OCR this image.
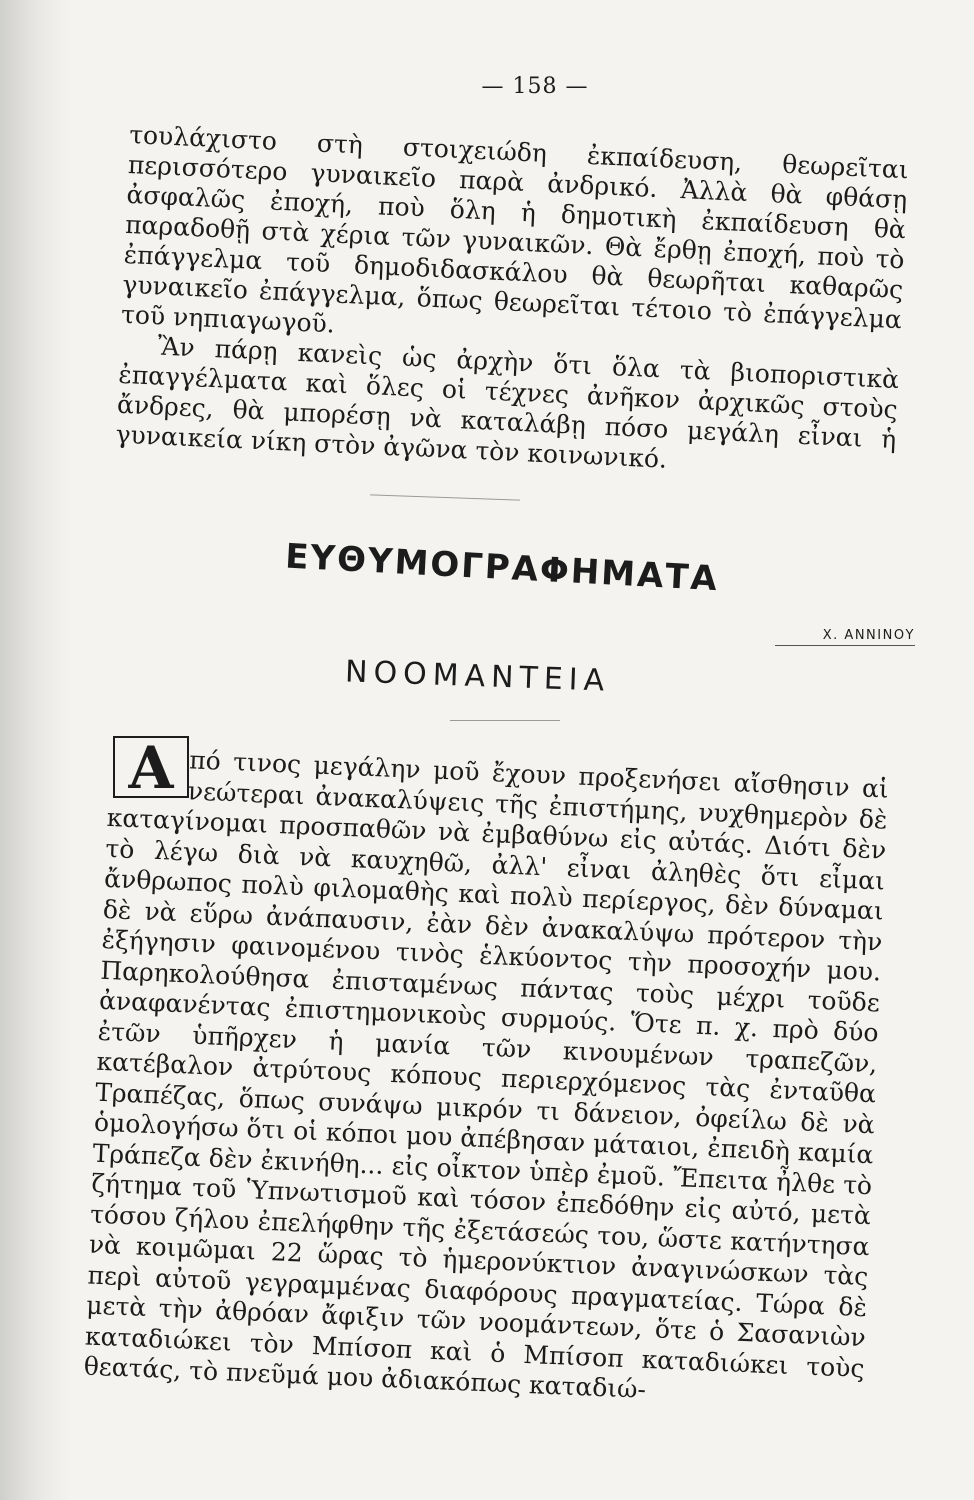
— 158 —

τουλάχιστο στὴ στοιχειώδη ἐκπαίδευση, θεωρεῖται περισσότερο γυναικεῖο παρὰ ἀνδρικό. Ἀλλὰ θὰ φθάσῃ ἀσφαλῶς ἐποχή, ποὺ ὅλη ἡ δημοτικὴ ἐκπαίδευση θὰ παραδοθῇ στὰ χέρια τῶν γυναικῶν. Θὰ ἔρθῃ ἐποχή, ποὺ τὸ ἐπάγγελμα τοῦ δημοδιδασκάλου θὰ θεωρῆται καθαρῶς γυναικεῖο ἐπάγγελμα, ὅπως θεωρεῖται τέτοιο τὸ ἐπάγγελμα τοῦ νηπιαγωγοῦ.

Ἂν πάρῃ κανεὶς ὡς ἀρχὴν ὅτι ὅλα τὰ βιοποριστικὰ ἐπαγγέλματα καὶ ὅλες οἱ τέχνες ἀνῆκον ἀρχικῶς στοὺς ἄνδρες, θὰ μπορέσῃ νὰ καταλάβῃ πόσο μεγάλη εἶναι ἡ γυναικεία νίκη στὸν ἀγῶνα τὸν κοινωνικό.

ΕΥΘΥΜΟΓΡΑΦΗΜΑΤΑ
Χ. ΑΝΝΙΝΟΥ
ΝΟΟΜΑΝΤΕΙΑ
Α πό τινος μεγάλην μοῦ ἔχουν προξενήσει αἴσθησιν αἱ νεώτεραι ἀνακαλύψεις τῆς ἐπιστήμης, νυχθημερὸν δὲ καταγίνομαι προσπαθῶν νὰ ἐμβαθύνω εἰς αὐτάς. Διότι δὲν τὸ λέγω διὰ νὰ καυχηθῶ, ἀλλ' εἶναι ἀληθὲς ὅτι εἶμαι ἄνθρωπος πολὺ φιλομαθὴς καὶ πολὺ περίεργος, δὲν δύναμαι δὲ νὰ εὕρω ἀνάπαυσιν, ἐὰν δὲν ἀνακαλύψω πρότερον τὴν ἐξήγησιν φαινομένου τινὸς ἑλκύοντος τὴν προσοχήν μου. Παρηκολούθησα ἐπισταμένως πάντας τοὺς μέχρι τοῦδε ἀναφανέντας ἐπιστημονικοὺς συρμούς. Ὅτε π. χ. πρὸ δύο ἐτῶν ὑπῆρχεν ἡ μανία τῶν κινουμένων τραπεζῶν, κατέβαλον ἀτρύτους κόπους περιερχόμενος τὰς ἐνταῦθα Τραπέζας, ὅπως συνάψω μικρόν τι δάνειον, ὀφείλω δὲ νὰ ὁμολογήσω ὅτι οἱ κόποι μου ἀπέβησαν μάταιοι, ἐπειδὴ καμία Τράπεζα δὲν ἐκινήθη... εἰς οἶκτον ὑπὲρ ἐμοῦ. Ἔπειτα ἦλθε τὸ ζήτημα τοῦ Ὑπνωτισμοῦ καὶ τόσον ἐπεδόθην εἰς αὐτό, μετὰ τόσου ζήλου ἐπελήφθην τῆς ἐξετάσεώς του, ὥστε κατήντησα νὰ κοιμῶμαι 22 ὥρας τὸ ἡμερονύκτιον ἀναγινώσκων τὰς περὶ αὐτοῦ γεγραμμένας διαφόρους πραγματείας. Τώρα δὲ μετὰ τὴν ἀθρόαν ἄφιξιν τῶν νοομάντεων, ὅτε ὁ Σασανιὼν καταδιώκει τὸν Μπίσοπ καὶ ὁ Μπίσοπ καταδιώκει τοὺς θεατάς, τὸ πνεῦμά μου ἀδιακόπως καταδιώ-
